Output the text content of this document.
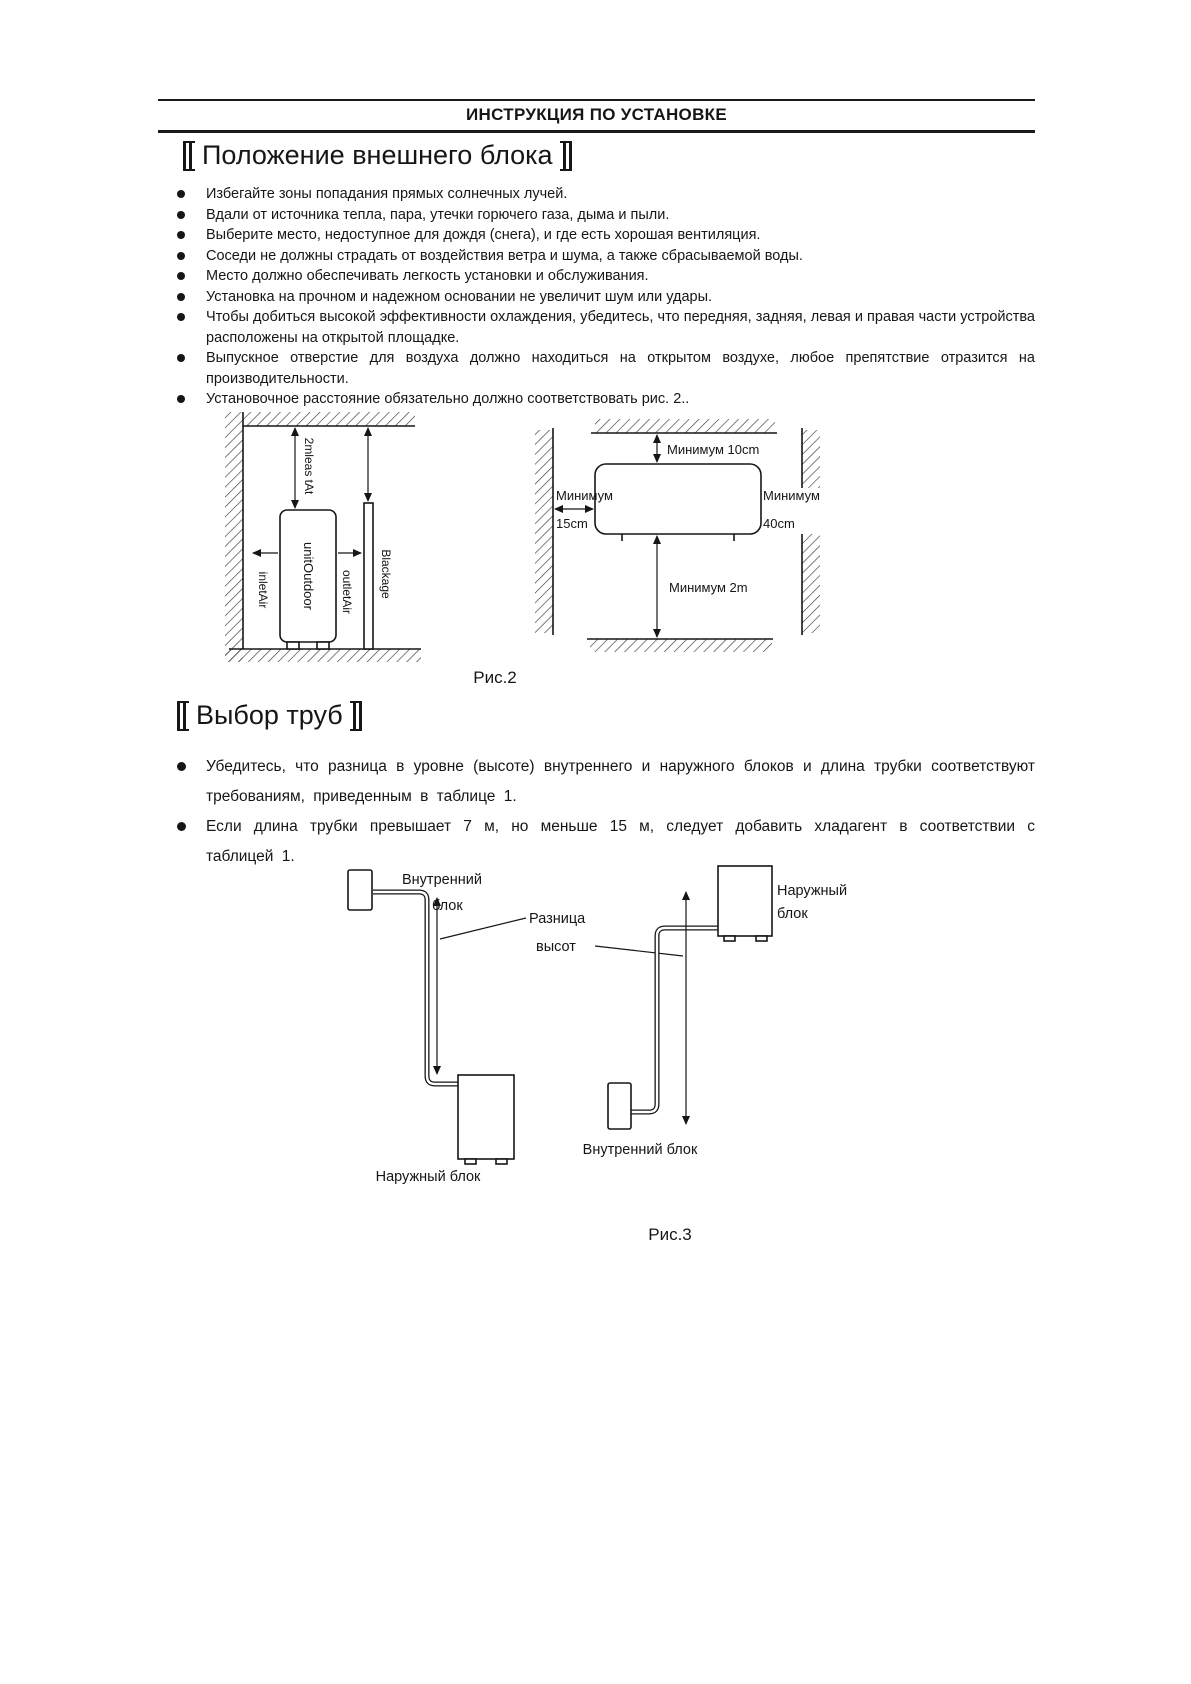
ИНСТРУКЦИЯ ПО УСТАНОВКЕ
Положение внешнего блока
Избегайте зоны попадания прямых солнечных лучей.
Вдали от источника тепла, пара, утечки горючего газа, дыма и пыли.
Выберите место, недоступное для дождя (снега), и где есть хорошая вентиляция.
Соседи не должны страдать от воздействия ветра и шума, а также сбрасываемой воды.
Место должно обеспечивать легкость установки и обслуживания.
Установка на прочном и надежном основании не увеличит шум или удары.
Чтобы добиться высокой эффективности охлаждения, убедитесь, что передняя, задняя, левая и правая части устройства расположены на открытой площадке.
Выпускное отверстие для воздуха должно находиться на открытом воздухе, любое препятствие отразится на производительности.
Установочное расстояние обязательно должно соответствовать рис. 2..
unitOutdoor
2mleas tAt
inletAir	outletAir Blackage
Минимум 10cm
Минимум
15cm
Минимум
40cm
Минимум 2m
Рис.2
Выбор труб
Убедитесь, что разница в уровне (высоте) внутреннего и наружного блоков и длина трубки соответствуют требованиям, приведенным в таблице 1.
Если длина трубки превышает 7 м, но меньше 15 м, следует добавить хладагент в соответствии с таблицей 1.
Внутренний
блок
Наружный блок
Разница
высот
Наружный
блок
Внутренний блок
Рис.3
